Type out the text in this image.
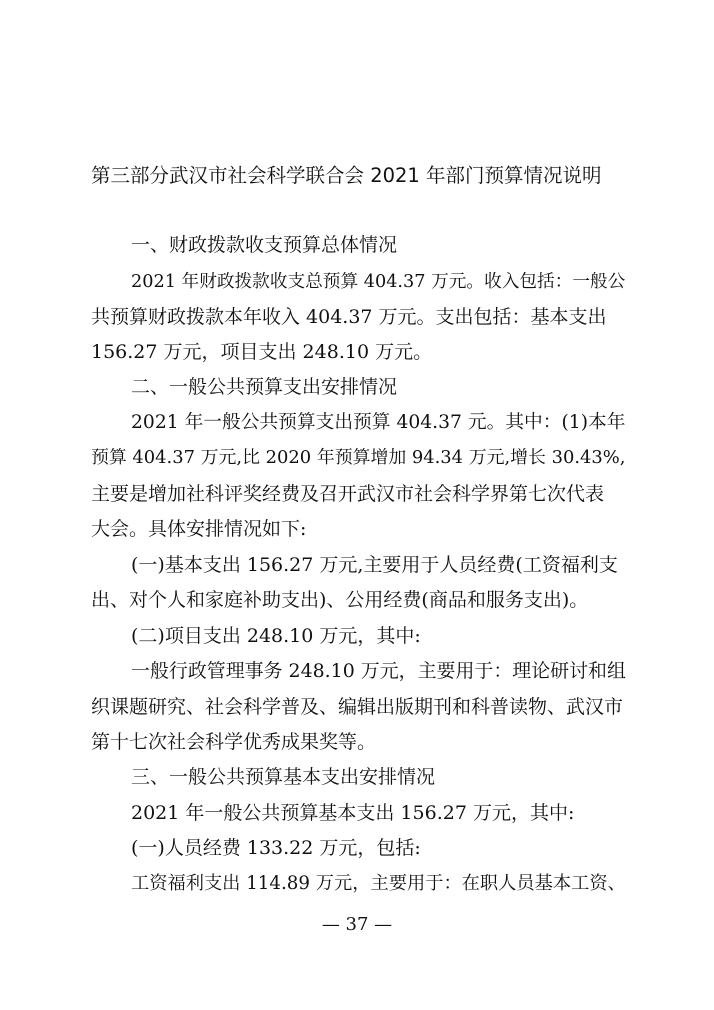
第三部分武汉市社会科学联合会 2021 年部门预算情况说明
一、财政拨款收支预算总体情况
2021 年财政拨款收支总预算 404.37 万元。收入包括：一般公
共预算财政拨款本年收入 404.37 万元。支出包括：基本支出
156.27 万元，项目支出 248.10 万元。
二、一般公共预算支出安排情况
2021 年一般公共预算支出预算 404.37 元。其中：(1)本年
预算 404.37 万元,比 2020 年预算增加 94.34 万元,增长 30.43%,
主要是增加社科评奖经费及召开武汉市社会科学界第七次代表
大会。具体安排情况如下:
(一)基本支出 156.27 万元,主要用于人员经费(工资福利支
出、对个人和家庭补助支出)、公用经费(商品和服务支出)。
(二)项目支出 248.10 万元，其中:
一般行政管理事务 248.10 万元，主要用于：理论研讨和组
织课题研究、社会科学普及、编辑出版期刊和科普读物、武汉市
第十七次社会科学优秀成果奖等。
三、一般公共预算基本支出安排情况
2021 年一般公共预算基本支出 156.27 万元，其中:
(一)人员经费 133.22 万元，包括:
工资福利支出 114.89 万元，主要用于：在职人员基本工资、
— 37 —
